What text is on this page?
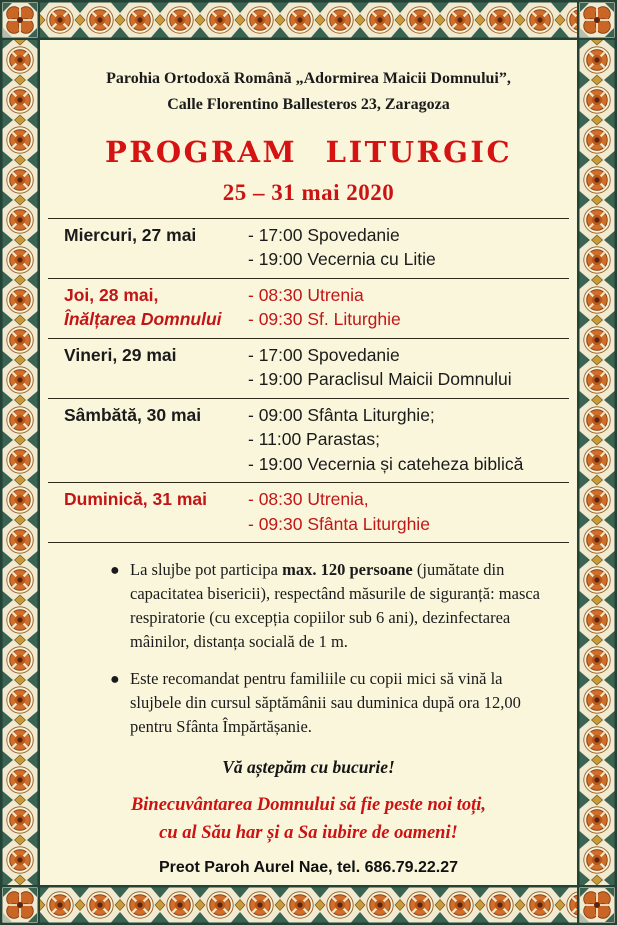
Parohia Ortodoxă Română „Adormirea Maicii Domnului”,
Calle Florentino Ballesteros 23, Zaragoza
PROGRAM LITURGIC
25 – 31 mai 2020
Miercuri, 27 mai	- 17:00 Spovedanie
- 19:00 Vecernia cu Litie
Joi, 28 mai,
Înălțarea Domnului
- 08:30 Utrenia
- 09:30 Sf. Liturghie
Vineri, 29 mai	- 17:00 Spovedanie
- 19:00 Paraclisul Maicii Domnului
Sâmbătă, 30 mai	- 09:00 Sfânta Liturghie;
- 11:00 Parastas;
- 19:00 Vecernia și cateheza biblică
Duminică, 31 mai	- 08:30 Utrenia,
- 09:30 Sfânta Liturghie
● La slujbe pot participa max. 120 persoane (jumătate din capacitatea bisericii), respectând măsurile de siguranță: masca respiratorie (cu excepția copiilor sub 6 ani), dezinfectarea mâinilor, distanța socială de 1 m.
● Este recomandat pentru familiile cu copii mici să vină la slujbele din cursul săptămânii sau duminica după ora 12,00 pentru Sfânta Împărtășanie.
Vă aștepăm cu bucurie!
Binecuvântarea Domnului să fie peste noi toți,
cu al Său har și a Sa iubire de oameni!
Preot Paroh Aurel Nae, tel. 686.79.22.27
